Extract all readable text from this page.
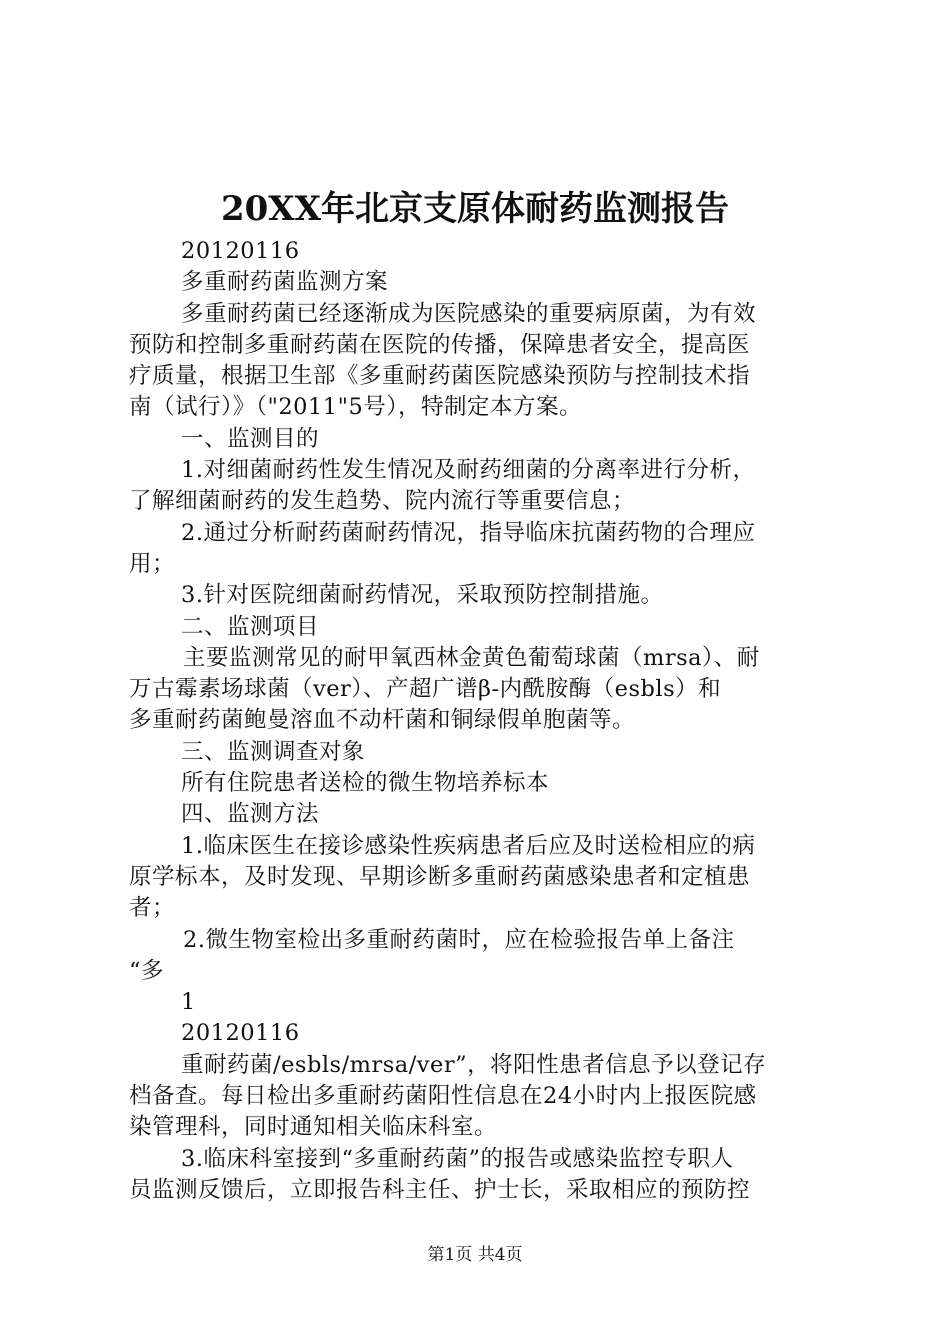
20XX年北京支原体耐药监测报告
20120116
多重耐药菌监测方案
多重耐药菌已经逐渐成为医院感染的重要病原菌，为有效
预防和控制多重耐药菌在医院的传播，保障患者安全，提高医
疗质量，根据卫生部《多重耐药菌医院感染预防与控制技术指
南（试行）》（"2011"5号），特制定本方案。
一、监测目的
1.对细菌耐药性发生情况及耐药细菌的分离率进行分析，
了解细菌耐药的发生趋势、院内流行等重要信息；
2.通过分析耐药菌耐药情况，指导临床抗菌药物的合理应
用；
3.针对医院细菌耐药情况，采取预防控制措施。
二、监测项目
主要监测常见的耐甲氧西林金黄色葡萄球菌（mrsa）、耐
万古霉素场球菌（ver）、产超广谱β-内酰胺酶（esbls）和
多重耐药菌鲍曼溶血不动杆菌和铜绿假单胞菌等。
三、监测调查对象
所有住院患者送检的微生物培养标本
四、监测方法
1.临床医生在接诊感染性疾病患者后应及时送检相应的病
原学标本，及时发现、早期诊断多重耐药菌感染患者和定植患
者；
2.微生物室检出多重耐药菌时，应在检验报告单上备注
“多
1
20120116
重耐药菌/esbls/mrsa/ver”，将阳性患者信息予以登记存
档备查。每日检出多重耐药菌阳性信息在24小时内上报医院感
染管理科，同时通知相关临床科室。
3.临床科室接到“多重耐药菌”的报告或感染监控专职人
员监测反馈后，立即报告科主任、护士长，采取相应的预防控
第1页 共4页
